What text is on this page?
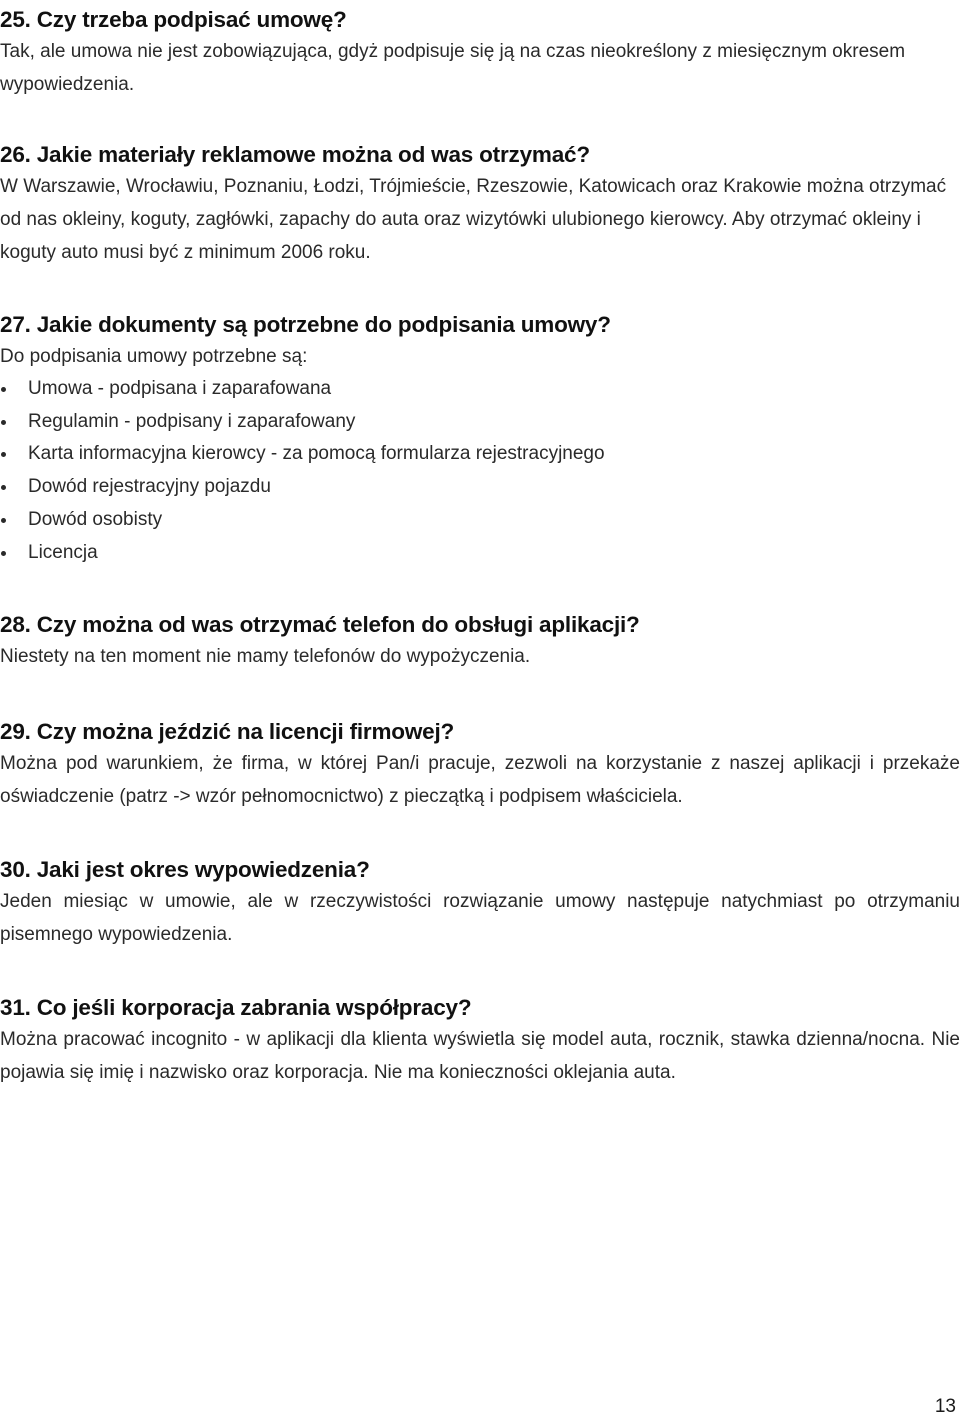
25. Czy trzeba podpisać umowę?

Tak, ale umowa nie jest zobowiązująca, gdyż podpisuje się ją na czas nieokreślony z miesięcznym okresem wypowiedzenia.

26. Jakie materiały reklamowe można od was otrzymać?

W Warszawie, Wrocławiu, Poznaniu, Łodzi, Trójmieście, Rzeszowie, Katowicach oraz Krakowie można otrzymać od nas okleiny, koguty, zagłówki, zapachy do auta oraz wizytówki ulubionego kierowcy. Aby otrzymać okleiny i koguty auto musi być z minimum 2006 roku.

27. Jakie dokumenty są potrzebne do podpisania umowy?

Do podpisania umowy potrzebne są:

Umowa - podpisana i zaparafowana
Regulamin - podpisany i zaparafowany
Karta informacyjna kierowcy - za pomocą formularza rejestracyjnego
Dowód rejestracyjny pojazdu
Dowód osobisty
Licencja
28. Czy można od was otrzymać telefon do obsługi aplikacji?

Niestety na ten moment nie mamy telefonów do wypożyczenia.

29. Czy można jeździć na licencji firmowej?

Można pod warunkiem, że firma, w której Pan/i pracuje, zezwoli na korzystanie z naszej aplikacji i przekaże oświadczenie (patrz -> wzór pełnomocnictwo) z pieczątką i podpisem właściciela.

30. Jaki jest okres wypowiedzenia?

Jeden miesiąc w umowie, ale w rzeczywistości rozwiązanie umowy następuje natychmiast po otrzymaniu pisemnego wypowiedzenia.

31. Co jeśli korporacja zabrania współpracy?

Można pracować incognito - w aplikacji dla klienta wyświetla się model auta, rocznik, stawka dzienna/nocna. Nie pojawia się imię i nazwisko oraz korporacja. Nie ma konieczności oklejania auta.

13
